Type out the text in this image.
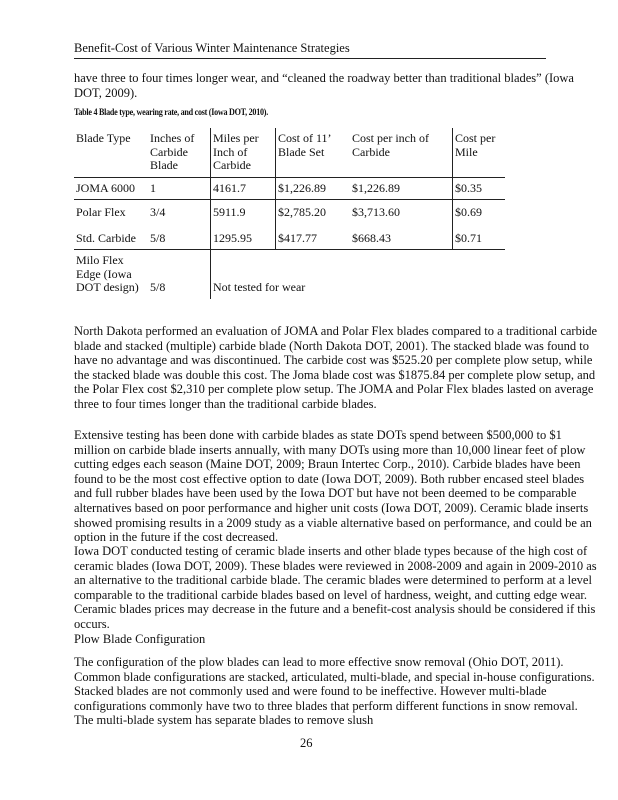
Benefit-Cost of Various Winter Maintenance Strategies

have three to four times longer wear, and “cleaned the roadway better than traditional blades” (Iowa DOT, 2009).

Table 4 Blade type, wearing rate, and cost (Iowa DOT, 2010).
Blade Type	Inches of Carbide Blade	Miles per Inch of Carbide	Cost of 11’ Blade Set	Cost per inch of Carbide	Cost per Mile
JOMA 6000	1	4161.7	$1,226.89	$1,226.89	$0.35
Polar Flex	3/4	5911.9	$2,785.20	$3,713.60	$0.69
Std. Carbide	5/8	1295.95	$417.77	$668.43	$0.71
Milo Flex Edge (Iowa DOT design)	5/8	Not tested for wear			

North Dakota performed an evaluation of JOMA and Polar Flex blades compared to a traditional carbide blade and stacked (multiple) carbide blade (North Dakota DOT, 2001). The stacked blade was found to have no advantage and was discontinued. The carbide cost was $525.20 per complete plow setup, while the stacked blade was double this cost. The Joma blade cost was $1875.84 per complete plow setup, and the Polar Flex cost $2,310 per complete plow setup. The JOMA and Polar Flex blades lasted on average three to four times longer than the traditional carbide blades.

Extensive testing has been done with carbide blades as state DOTs spend between $500,000 to $1 million on carbide blade inserts annually, with many DOTs using more than 10,000 linear feet of plow cutting edges each season (Maine DOT, 2009; Braun Intertec Corp., 2010). Carbide blades have been found to be the most cost effective option to date (Iowa DOT, 2009). Both rubber encased steel blades and full rubber blades have been used by the Iowa DOT but have not been deemed to be comparable alternatives based on poor performance and higher unit costs (Iowa DOT, 2009). Ceramic blade inserts showed promising results in a 2009 study as a viable alternative based on performance, and could be an option in the future if the cost decreased.

Iowa DOT conducted testing of ceramic blade inserts and other blade types because of the high cost of ceramic blades (Iowa DOT, 2009). These blades were reviewed in 2008-2009 and again in 2009-2010 as an alternative to the traditional carbide blade. The ceramic blades were determined to perform at a level comparable to the traditional carbide blades based on level of hardness, weight, and cutting edge wear. Ceramic blades prices may decrease in the future and a benefit-cost analysis should be considered if this occurs.

Plow Blade Configuration

The configuration of the plow blades can lead to more effective snow removal (Ohio DOT, 2011). Common blade configurations are stacked, articulated, multi-blade, and special in-house configurations. Stacked blades are not commonly used and were found to be ineffective. However multi-blade configurations commonly have two to three blades that perform different functions in snow removal. The multi-blade system has separate blades to remove slush

26
